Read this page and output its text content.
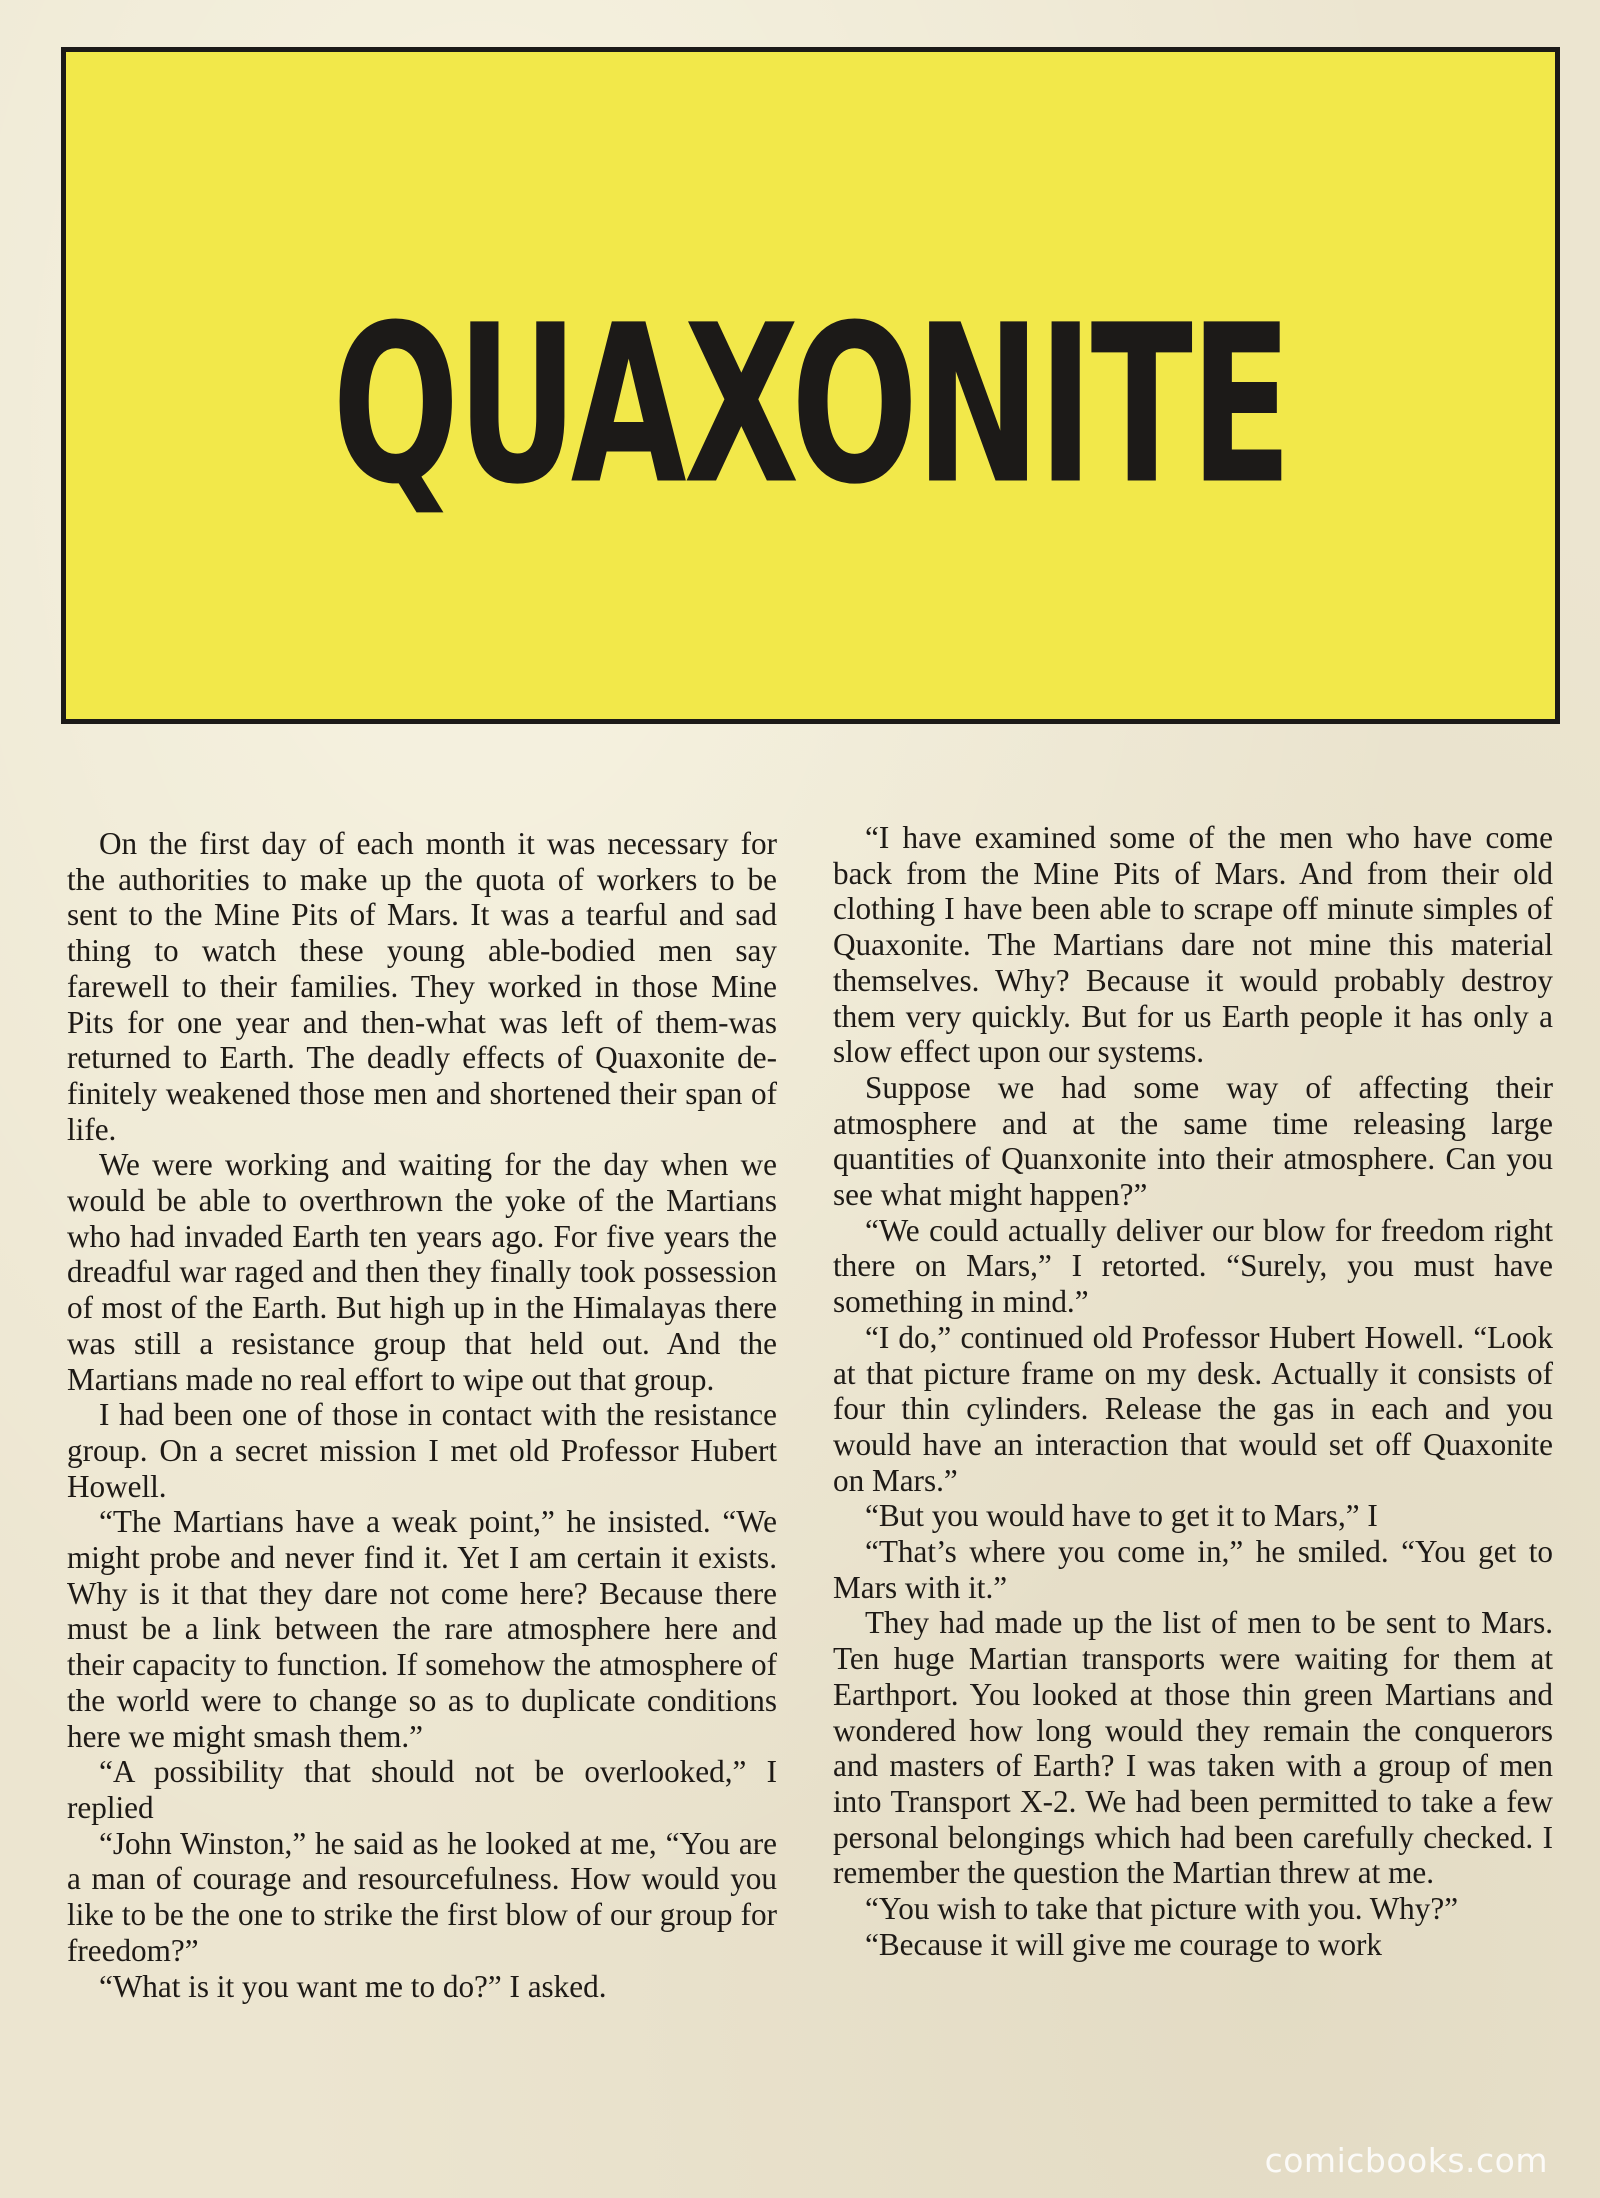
QUAXONITE

On the first day of each month it was necessary for the authorities to make up the quota of workers to be sent to the Mine Pits of Mars. It was a tearful and sad thing to watch these young able-bodied men say farewell to their families. They worked in those Mine Pits for one year and then-what was left of them-was returned to Earth. The deadly effects of Quaxonite definitely weakened those men and shortened their span of life.

We were working and waiting for the day when we would be able to overthrown the yoke of the Martians who had invaded Earth ten years ago. For five years the dreadful war raged and then they finally took possession of most of the Earth. But high up in the Himalayas there was still a resistance group that held out. And the Martians made no real effort to wipe out that group.

I had been one of those in contact with the resistance group. On a secret mission I met old Professor Hubert Howell.

“The Martians have a weak point,” he insisted. “We might probe and never find it. Yet I am certain it exists. Why is it that they dare not come here? Because there must be a link between the rare atmosphere here and their capacity to function. If somehow the atmosphere of the world were to change so as to duplicate conditions here we might smash them.”

“A possibility that should not be overlooked,” I replied

“John Winston,” he said as he looked at me, “You are a man of courage and resourcefulness. How would you like to be the one to strike the first blow of our group for freedom?”

“What is it you want me to do?” I asked.

“I have examined some of the men who have come back from the Mine Pits of Mars. And from their old clothing I have been able to scrape off minute simples of Quaxonite. The Martians dare not mine this material themselves. Why? Because it would probably destroy them very quickly. But for us Earth people it has only a slow effect upon our systems.

Suppose we had some way of affecting their atmosphere and at the same time releasing large quantities of Quanxonite into their atmosphere. Can you see what might happen?”

“We could actually deliver our blow for freedom right there on Mars,” I retorted. “Surely, you must have something in mind.”

“I do,” continued old Professor Hubert Howell. “Look at that picture frame on my desk. Actually it consists of four thin cylinders. Release the gas in each and you would have an interaction that would set off Quaxonite on Mars.”

“But you would have to get it to Mars,” I

“That’s where you come in,” he smiled. “You get to Mars with it.”

They had made up the list of men to be sent to Mars. Ten huge Martian transports were waiting for them at Earthport. You looked at those thin green Martians and wondered how long would they remain the conquerors and masters of Earth? I was taken with a group of men into Transport X-2. We had been permitted to take a few personal belongings which had been carefully checked. I remember the question the Martian threw at me.

“You wish to take that picture with you. Why?”

“Because it will give me courage to work

comicbooks.com
